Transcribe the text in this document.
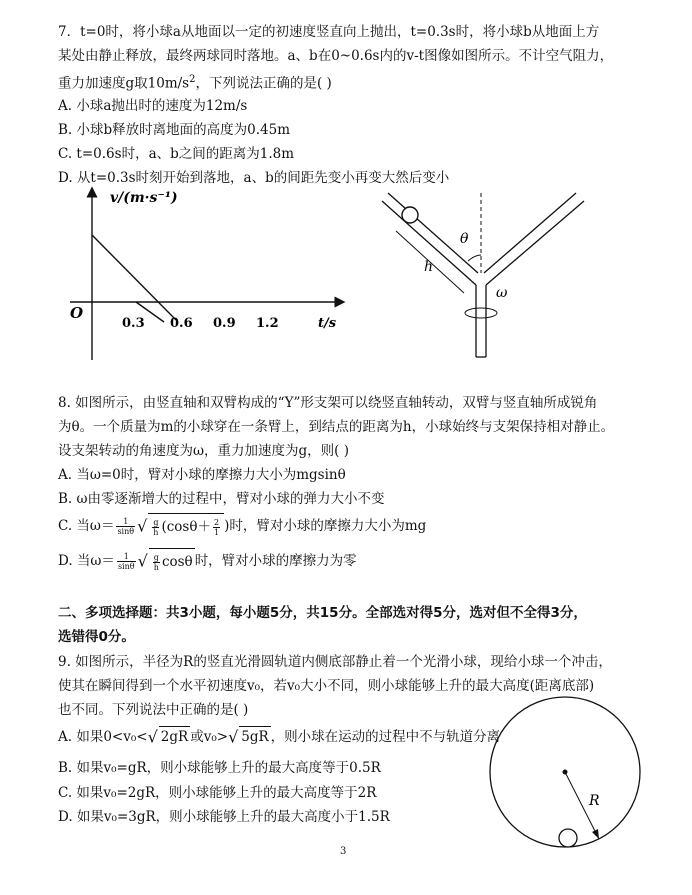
7．t=0时，将小球a从地面以一定的初速度竖直向上抛出，t=0.3s时，将小球b从地面上方
某处由静止释放，最终两球同时落地。a、b在0~0.6s内的v-t图像如图所示。不计空气阻力，
重力加速度g取$10m/s^2$，下列说法正确的是( )
A. 小球a抛出时的速度为12m/s
B. 小球b释放时离地面的高度为0.45m
C. t=0.6s时，a、b之间的距离为1.8m
D. 从t=0.3s时刻开始到落地，a、b的间距先变小再变大然后变小
v/(m·s⁻¹)
O
0.3 0.6 0.9 1.2	t/s
h
θ
ω
8. 如图所示，由竖直轴和双臂构成的“Y”形支架可以绕竖直轴转动，双臂与竖直轴所成锐角
为θ。一个质量为m的小球穿在一条臂上，到结点的距离为h，小球始终与支架保持相对静止。
设支架转动的角速度为ω，重力加速度为g，则( )
A. 当ω=0时，臂对小球的摩擦力大小为mgsinθ
B. ω由零逐渐增大的过程中，臂对小球的弹力大小不变
C. 当$\omega= \frac{1}{\sin\theta}$ √ $\frac{g}{h} (\cos\theta+ \frac{2}{1}$ )时，臂对小球的摩擦力大小为mg
D. 当$\omega= \frac{1}{\sin\theta}$ √ $\frac{g}{h}$ cosθ 时，臂对小球的摩擦力为零
二、多项选择题：共3小题，每小题5分，共15分。全部选对得5分，选对但不全得3分，
选错得0分。
9. 如图所示，半径为R的竖直光滑圆轨道内侧底部静止着一个光滑小球，现给小球一个冲击，
使其在瞬间得到一个水平初速度v₀，若v₀大小不同，则小球能够上升的最大高度(距离底部)
也不同。下列说法中正确的是( )
A. 如果0<v₀<√ 2gR 或v₀>√ 5gR ，则小球在运动的过程中不与轨道分离
B. 如果v₀=gR，则小球能够上升的最大高度等于0.5R
C. 如果v₀=2gR，则小球能够上升的最大高度等于2R
D. 如果v₀=3gR，则小球能够上升的最大高度小于1.5R
R
3
